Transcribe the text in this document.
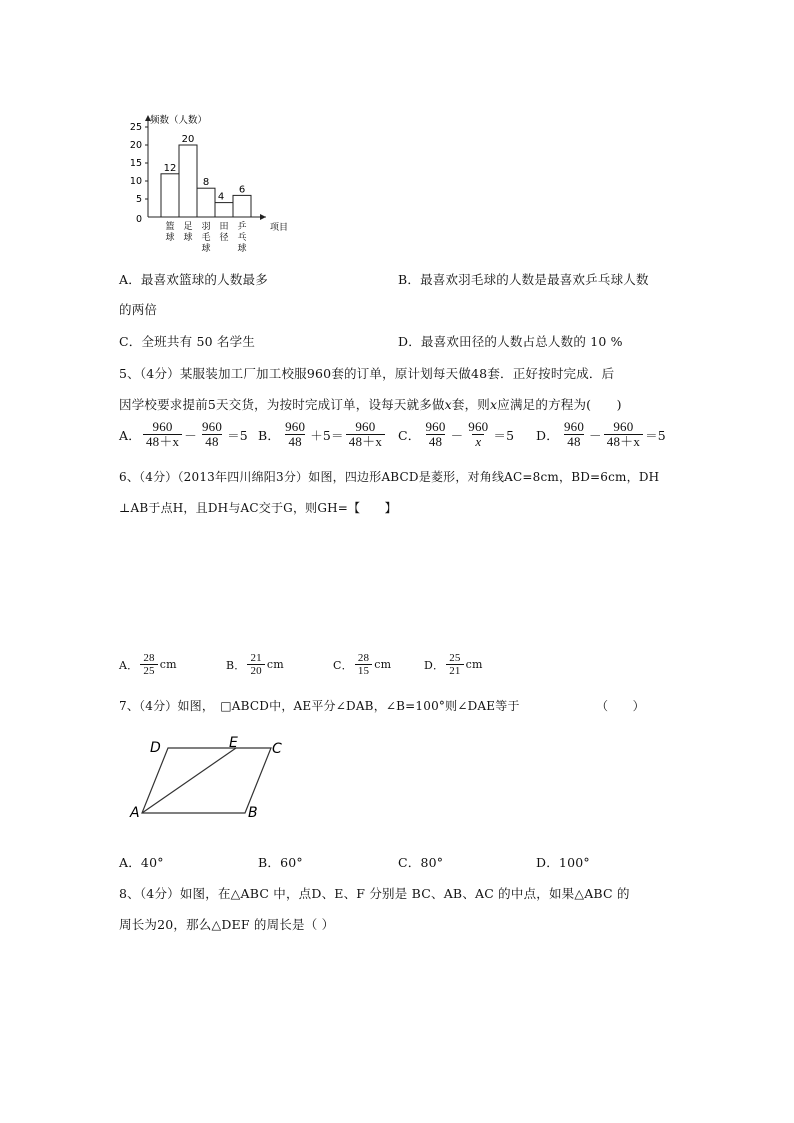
频数（人数）
项目
0
5
10
15
20
25
12
篮
球
20
足
球
8
羽
毛
球
4
田
径
6
乒
乓
球
A．最喜欢篮球的人数最多	B．最喜欢羽毛球的人数是最喜欢乒乓球人数
的两倍
C．全班共有 50 名学生	D．最喜欢田径的人数占总人数的 10 %
5、（4分）某服装加工厂加工校服960套的订单，原计划每天做48套．正好按时完成．后
因学校要求提前5天交货，为按时完成订单，设每天就多做x套，则x应满足的方程为(　　)
A． $\frac{960}{48+x} - \frac{960}{48} =5$ B． $\frac{960}{48} +5= \frac{960}{48+x}$ C． $\frac{960}{48} - \frac{960}{x} =5$ D． $\frac{960}{48} - \frac{960}{48+x} =5$
6、（4分）（2013年四川绵阳3分）如图，四边形ABCD是菱形，对角线AC=8cm，BD=6cm，DH
⊥AB于点H，且DH与AC交于G，则GH=【　　】
A． $\frac{28}{25}$ cm	B． $\frac{21}{20}$ cm	C． $\frac{28}{15}$ cm	D． $\frac{25}{21}$ cm
7、（4分）如图，　□ABCD中，AE平分∠DAB，∠B=100°则∠DAE等于	（　　）
D	E C
A	B
A．40°	B．60°	C．80°	D．100°
8、（4分）如图，在△ABC 中，点D、E、F 分别是 BC、AB、AC 的中点，如果△ABC 的
周长为20，那么△DEF 的周长是（ ）
